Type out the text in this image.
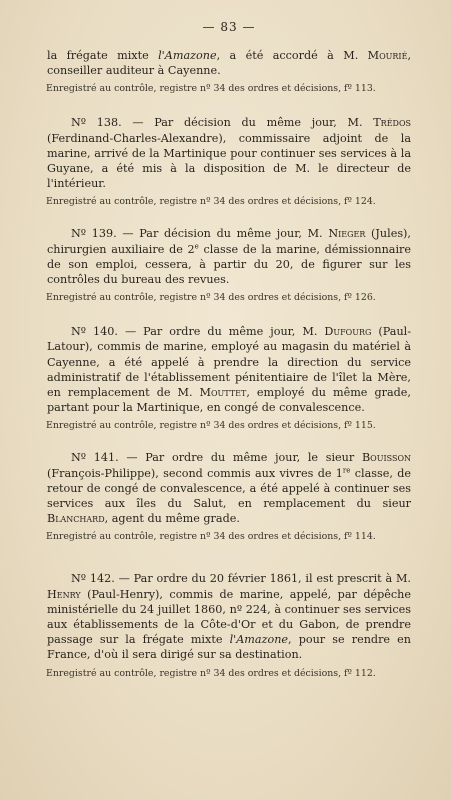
— 83 —

la frégate mixte l'Amazone, a été accordé à M. Mourié, conseiller auditeur à Cayenne.

Enregistré au contrôle, registre nº 34 des ordres et décisions, fº 113.

Nº 138. — Par décision du même jour, M. Trédos (Ferdinand-Charles-Alexandre), commissaire adjoint de la marine, arrivé de la Martinique pour continuer ses services à la Guyane, a été mis à la disposition de M. le directeur de l'intérieur.

Enregistré au contrôle, registre nº 34 des ordres et décisions, fº 124.

Nº 139. — Par décision du même jour, M. Nieger (Jules), chirurgien auxiliaire de 2e classe de la marine, démissionnaire de son emploi, cessera, à partir du 20, de figurer sur les contrôles du bureau des revues.

Enregistré au contrôle, registre nº 34 des ordres et décisions, fº 126.

Nº 140. — Par ordre du même jour, M. Dufourg (Paul-Latour), commis de marine, employé au magasin du matériel à Cayenne, a été appelé à prendre la direction du service administratif de l'établissement pénitentiaire de l'îlet la Mère, en remplacement de M. Mouttet, employé du même grade, partant pour la Martinique, en congé de convalescence.

Enregistré au contrôle, registre nº 34 des ordres et décisions, fº 115.

Nº 141. — Par ordre du même jour, le sieur Bouisson (François-Philippe), second commis aux vivres de 1re classe, de retour de congé de convalescence, a été appelé à continuer ses services aux îles du Salut, en remplacement du sieur Blanchard, agent du même grade.

Enregistré au contrôle, registre nº 34 des ordres et décisions, fº 114.

Nº 142. — Par ordre du 20 février 1861, il est prescrit à M. Henry (Paul-Henry), commis de marine, appelé, par dépêche ministérielle du 24 juillet 1860, nº 224, à continuer ses services aux établissements de la Côte-d'Or et du Gabon, de prendre passage sur la frégate mixte l'Amazone, pour se rendre en France, d'où il sera dirigé sur sa destination.

Enregistré au contrôle, registre nº 34 des ordres et décisions, fº 112.
